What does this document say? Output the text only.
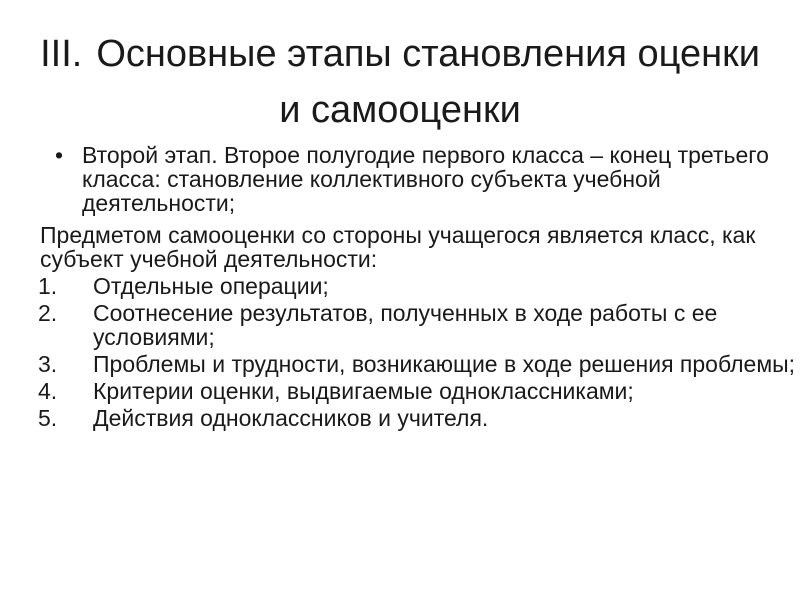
III. Основные этапы становления оценки и самооценки

• Второй этап. Второе полугодие первого класса – конец третьего класса: становление коллективного субъекта учебной деятельности;

Предметом самооценки со стороны учащегося является класс, как субъект учебной деятельности:

1. Отдельные операции;
2. Соотнесение результатов, полученных в ходе работы с ее условиями;
3. Проблемы и трудности, возникающие в ходе решения проблемы;
4. Критерии оценки, выдвигаемые одноклассниками;
5. Действия одноклассников и учителя.
